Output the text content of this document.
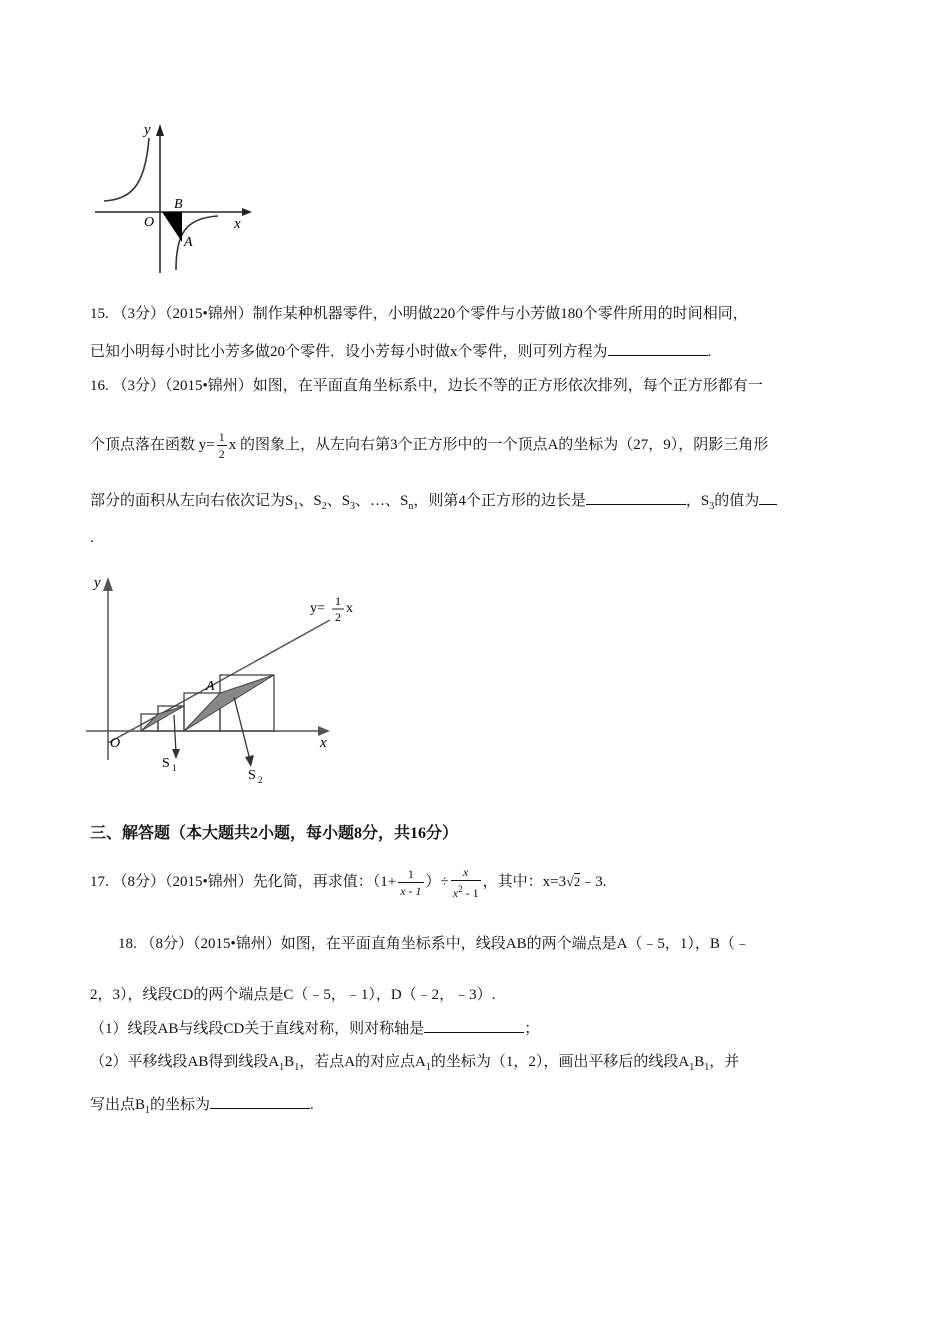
y
x
O
B
A
15. （3分）（2015•锦州）制作某种机器零件，小明做220个零件与小芳做180个零件所用的时间相同，
已知小明每小时比小芳多做20个零件．设小芳每小时做x个零件，则可列方程为	.
16. （3分）（2015•锦州）如图，在平面直角坐标系中，边长不等的正方形依次排列，每个正方形都有一
个顶点落在函数 $y= \frac{1}{2}$ x 的图象上，从左向右第3个正方形中的一个顶点A的坐标为（27，9），阴影三角形
部分的面积从左向右依次记为$S_1$、$S_2$、$S_3$、…、$S_n$，则第4个正方形的边长是	，$S_3$的值为
.
y
x
O
A
y= 1
2
x
S 1	S 2
三、解答题（本大题共2小题，每小题8分，共16分）
17. （8分）（2015•锦州）先化简，再求值：（$1+ \frac{1}{x - 1}$ ）÷ $\frac{x}{x^2 - 1}$ ，其中：x=3√2﹣3.
18. （8分）（2015•锦州）如图，在平面直角坐标系中，线段AB的两个端点是A（﹣5，1），B（﹣
2，3），线段CD的两个端点是C（﹣5，﹣1），D（﹣2，﹣3）.
（1）线段AB与线段CD关于直线对称，则对称轴是	；
（2）平移线段AB得到线段$A_1B_1$，若点A的对应点$A_1$的坐标为（1，2），画出平移后的线段$A_1B_1$，并
写出点$B_1$的坐标为	.
